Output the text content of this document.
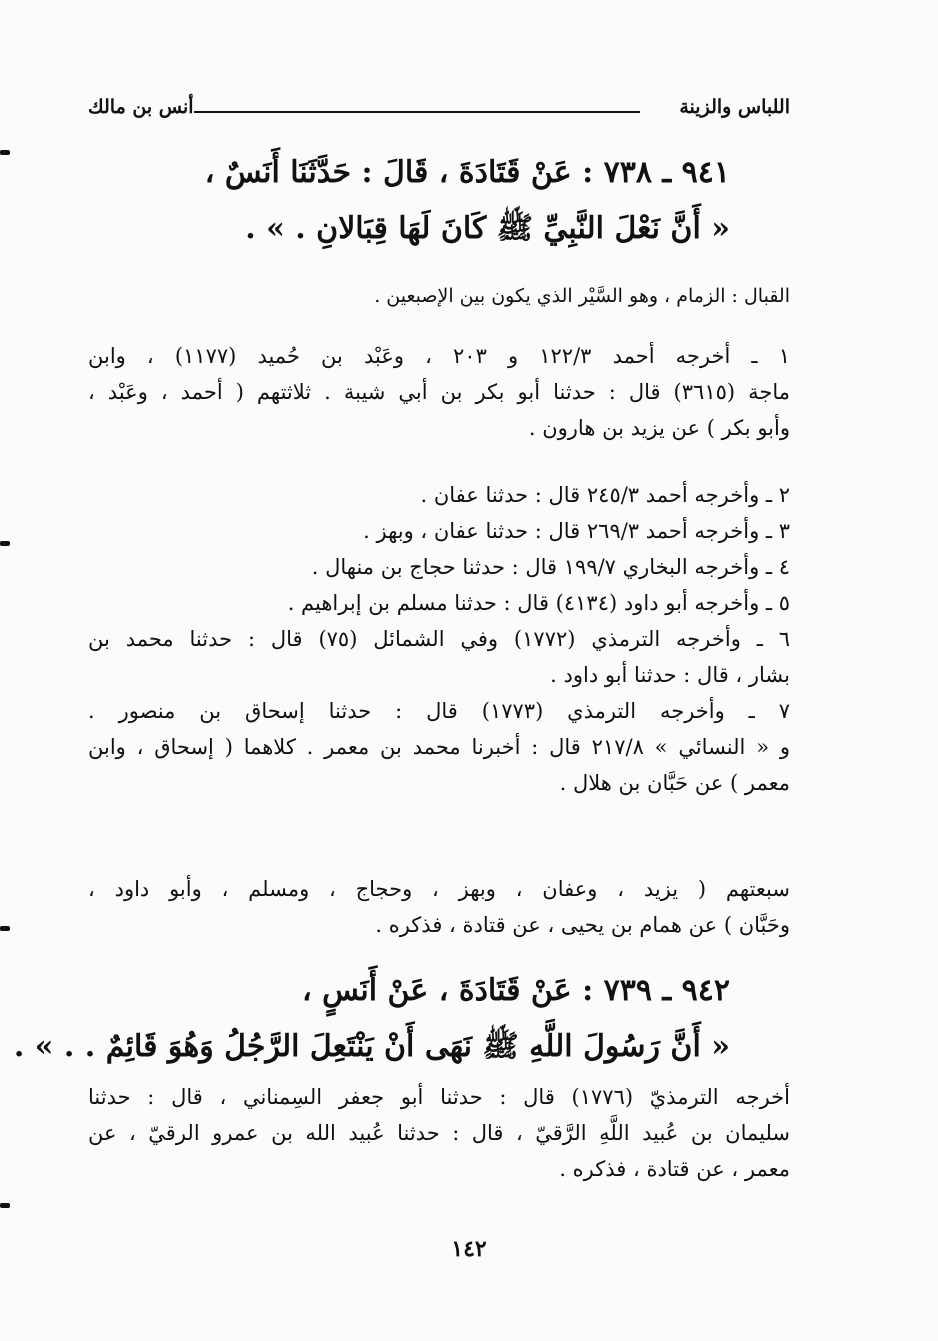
اللباس والزينة
أنس بن مالك
٩٤١ ـ ٧٣٨ : عَنْ قَتَادَةَ ، قَالَ : حَدَّثَنَا أَنَسٌ ،
« أَنَّ نَعْلَ النَّبِيِّ ﷺ كَانَ لَهَا قِبَالانِ . » .
القبال : الزمام ، وهو السَّيْر الذي يكون بين الإصبعين .
١ ـ أخرجه أحمد ١٢٢/٣ و ٢٠٣ ، وعَبْد بن حُميد (١١٧٧) ، وابن
ماجة (٣٦١٥) قال : حدثنا أبو بكر بن أبي شيبة . ثلاثتهم ( أحمد ، وعَبْد ،
وأبو بكر ) عن يزيد بن هارون .
٢ ـ وأخرجه أحمد ٢٤٥/٣ قال : حدثنا عفان .
٣ ـ وأخرجه أحمد ٢٦٩/٣ قال : حدثنا عفان ، وبهز .
٤ ـ وأخرجه البخاري ١٩٩/٧ قال : حدثنا حجاج بن منهال .
٥ ـ وأخرجه أبو داود (٤١٣٤) قال : حدثنا مسلم بن إبراهيم .
٦ ـ وأخرجه الترمذي (١٧٧٢) وفي الشمائل (٧٥) قال : حدثنا محمد بن
بشار ، قال : حدثنا أبو داود .
٧ ـ وأخرجه الترمذي (١٧٧٣) قال : حدثنا إسحاق بن منصور .
و « النسائي » ٢١٧/٨ قال : أخبرنا محمد بن معمر . كلاهما ( إسحاق ، وابن
معمر ) عن حَبَّان بن هلال .
سبعتهم ( يزيد ، وعفان ، وبهز ، وحجاج ، ومسلم ، وأبو داود ،
وحَبَّان ) عن همام بن يحيى ، عن قتادة ، فذكره .
٩٤٢ ـ ٧٣٩ : عَنْ قَتَادَةَ ، عَنْ أَنَسٍ ،
« أَنَّ رَسُولَ اللَّهِ ﷺ نَهَى أَنْ يَنْتَعِلَ الرَّجُلُ وَهُوَ قَائِمٌ . . » .
أخرجه الترمذيّ (١٧٧٦) قال : حدثنا أبو جعفر السِمناني ، قال : حدثنا
سليمان بن عُبيد اللَّهِ الرَّقيّ ، قال : حدثنا عُبيد الله بن عمرو الرقيّ ، عن
معمر ، عن قتادة ، فذكره .
١٤٢
